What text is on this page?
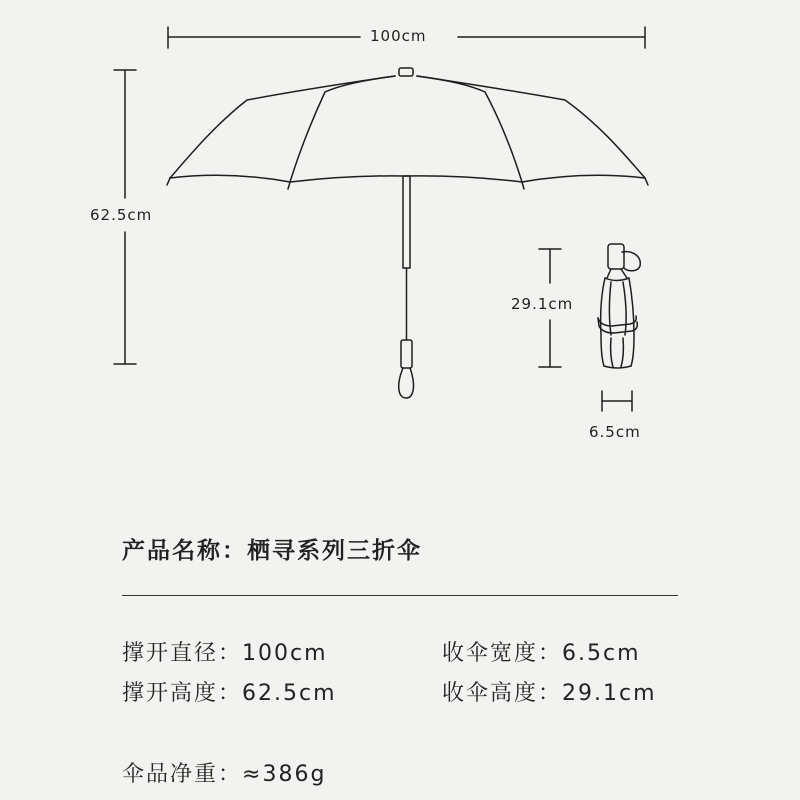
100cm
62.5cm
29.1cm
6.5cm
产品名称：栖寻系列三折伞
撑开直径：100cm	收伞宽度：6.5cm
撑开高度：62.5cm	收伞高度：29.1cm
伞品净重：≈386g
